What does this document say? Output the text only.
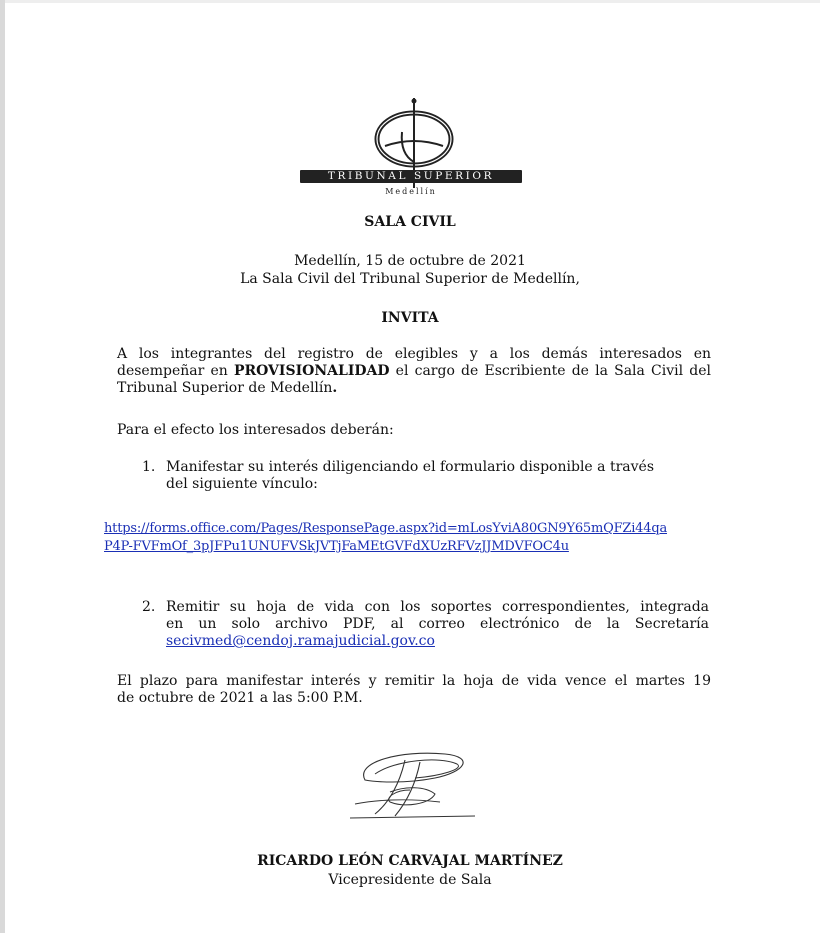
TRIBUNAL SUPERIOR
Medellín
SALA CIVIL
Medellín, 15 de octubre de 2021
La Sala Civil del Tribunal Superior de Medellín,
INVITA
A los integrantes del registro de elegibles y a los demás interesados en
desempeñar en PROVISIONALIDAD el cargo de Escribiente de la Sala Civil del
Tribunal Superior de Medellín.
Para el efecto los interesados deberán:
1. Manifestar su interés diligenciando el formulario disponible a través
del siguiente vínculo:
https://forms.office.com/Pages/ResponsePage.aspx?id=mLosYviA80GN9Y65mQFZi44qa
P4P-FVFmOf_3pJFPu1UNUFVSkJVTjFaMEtGVFdXUzRFVzJJMDVFOC4u
2. Remitir su hoja de vida con los soportes correspondientes, integrada
en un solo archivo PDF, al correo electrónico de la Secretaría
secivmed@cendoj.ramajudicial.gov.co
El plazo para manifestar interés y remitir la hoja de vida vence el martes 19
de octubre de 2021 a las 5:00 P.M.
RICARDO LEÓN CARVAJAL MARTÍNEZ
Vicepresidente de Sala
